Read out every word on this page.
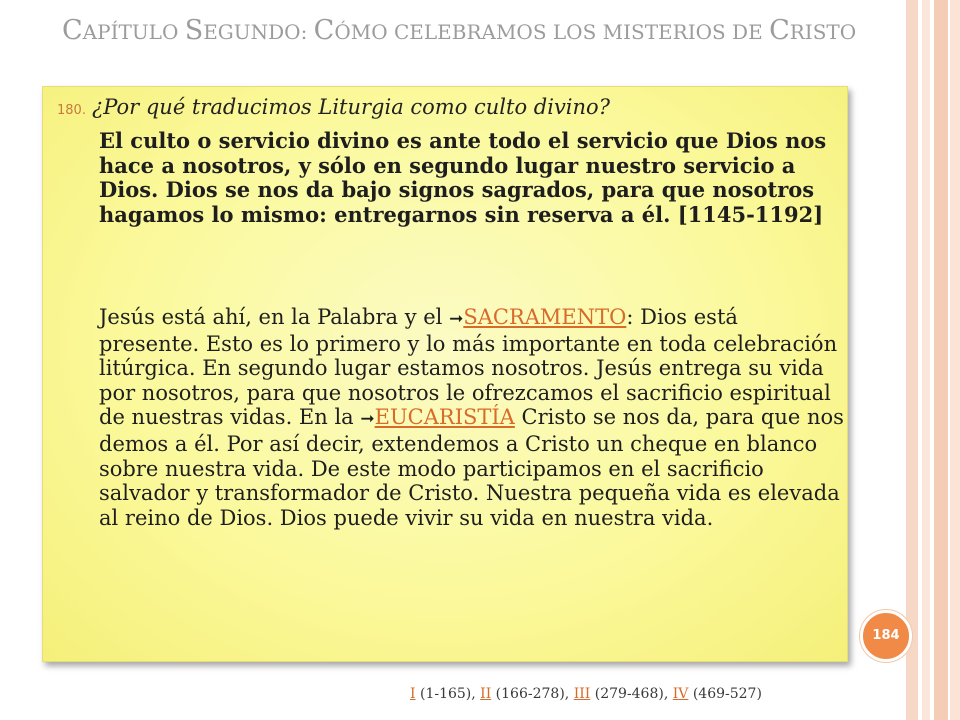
CAPÍTULO SEGUNDO: CÓMO CELEBRAMOS LOS MISTERIOS DE CRISTO
180. ¿Por qué traducimos Liturgia como culto divino?

El culto o servicio divino es ante todo el servicio que Dios nos hace a nosotros, y sólo en segundo lugar nuestro servicio a Dios. Dios se nos da bajo signos sagrados, para que nosotros hagamos lo mismo: entregarnos sin reserva a él. [1145-1192]

Jesús está ahí, en la Palabra y el ➞SACRAMENTO: Dios está presente. Esto es lo primero y lo más importante en toda celebración litúrgica. En segundo lugar estamos nosotros. Jesús entrega su vida por nosotros, para que nosotros le ofrezcamos el sacrificio espiritual de nuestras vidas. En la ➞EUCARISTÍA Cristo se nos da, para que nos demos a él. Por así decir, extendemos a Cristo un cheque en blanco sobre nuestra vida. De este modo participamos en el sacrificio salvador y transformador de Cristo. Nuestra pequeña vida es elevada al reino de Dios. Dios puede vivir su vida en nuestra vida.

184
I (1-165), II (166-278), III (279-468), IV (469-527)
